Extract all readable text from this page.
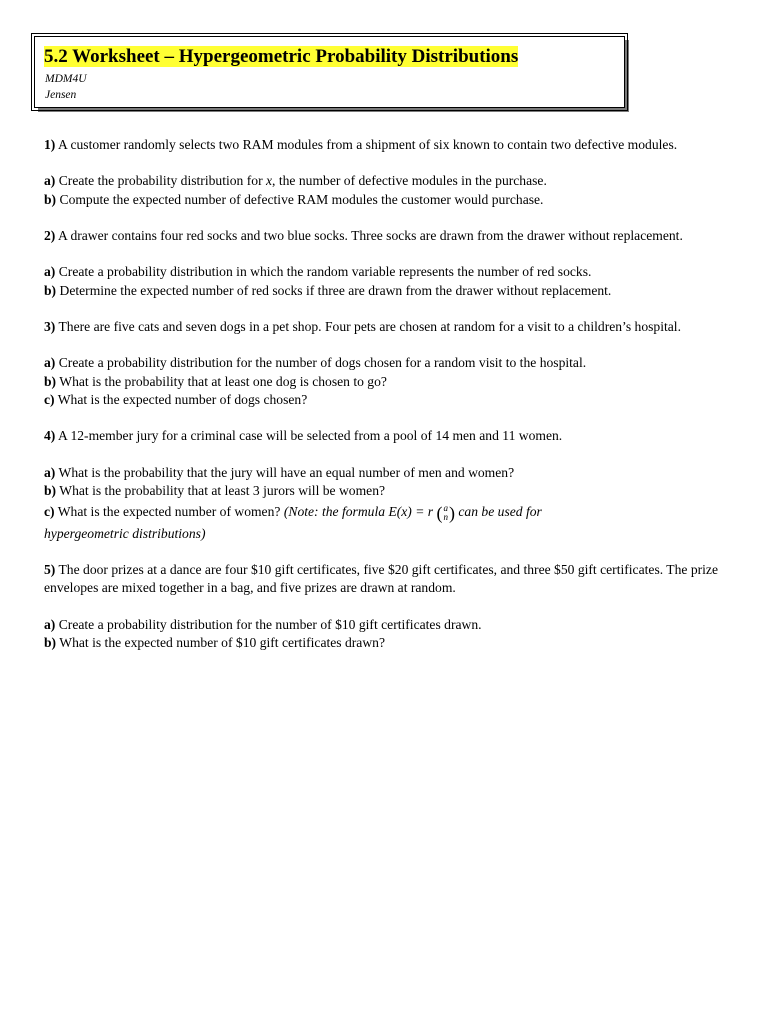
5.2 Worksheet – Hypergeometric Probability Distributions
MDM4U
Jensen

1) A customer randomly selects two RAM modules from a shipment of six known to contain two defective modules.

a) Create the probability distribution for x, the number of defective modules in the purchase.

b) Compute the expected number of defective RAM modules the customer would purchase.

2) A drawer contains four red socks and two blue socks. Three socks are drawn from the drawer without replacement.

a) Create a probability distribution in which the random variable represents the number of red socks.

b) Determine the expected number of red socks if three are drawn from the drawer without replacement.

3) There are five cats and seven dogs in a pet shop. Four pets are chosen at random for a visit to a children’s hospital.

a) Create a probability distribution for the number of dogs chosen for a random visit to the hospital.

b) What is the probability that at least one dog is chosen to go?

c) What is the expected number of dogs chosen?

4) A 12-member jury for a criminal case will be selected from a pool of 14 men and 11 women.

a) What is the probability that the jury will have an equal number of men and women?

b) What is the probability that at least 3 jurors will be women?

c) What is the expected number of women? (Note: the formula E(x) = r ( a
n ) can be used for

hypergeometric distributions)

5) The door prizes at a dance are four $10 gift certificates, five $20 gift certificates, and three $50 gift certificates. The prize envelopes are mixed together in a bag, and five prizes are drawn at random.

a) Create a probability distribution for the number of $10 gift certificates drawn.

b) What is the expected number of $10 gift certificates drawn?
